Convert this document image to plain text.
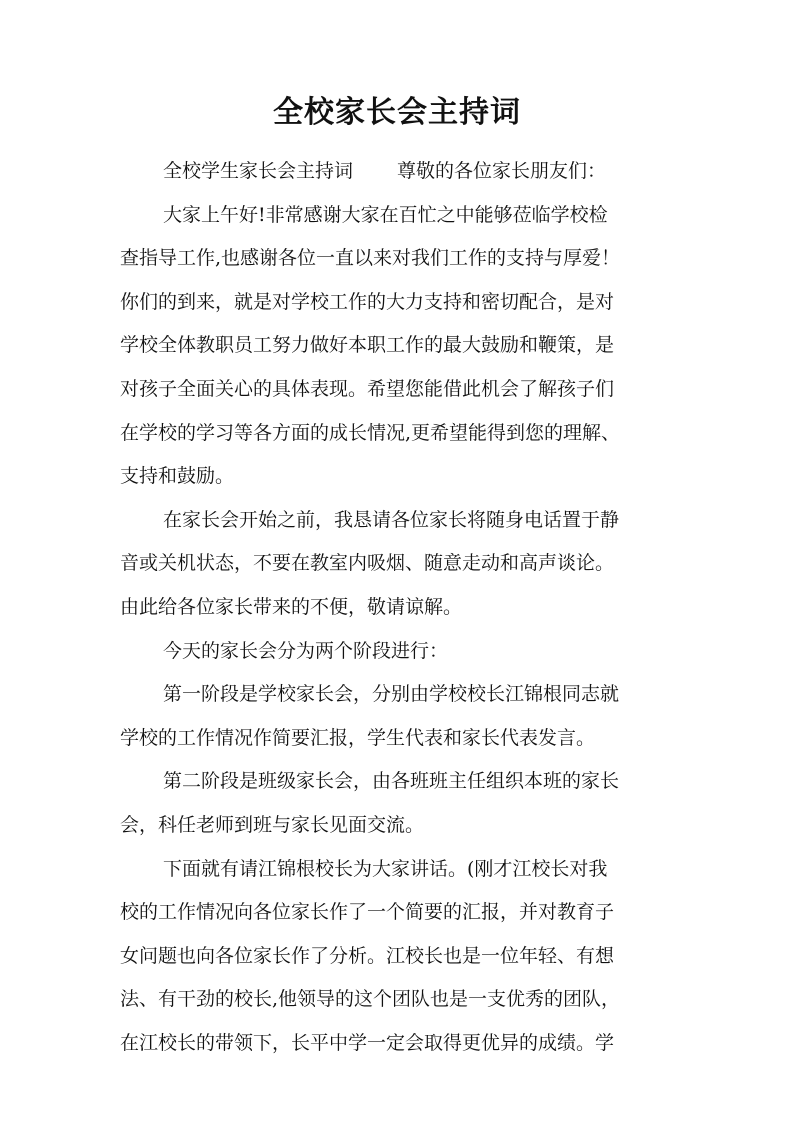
全校家长会主持词
全校学生家长会主持词 尊敬的各位家长朋友们：
大家上午好!非常感谢大家在百忙之中能够莅临学校检
查指导工作,也感谢各位一直以来对我们工作的支持与厚爱！
你们的到来，就是对学校工作的大力支持和密切配合，是对
学校全体教职员工努力做好本职工作的最大鼓励和鞭策，是
对孩子全面关心的具体表现。希望您能借此机会了解孩子们
在学校的学习等各方面的成长情况,更希望能得到您的理解、
支持和鼓励。
在家长会开始之前，我恳请各位家长将随身电话置于静
音或关机状态，不要在教室内吸烟、随意走动和高声谈论。
由此给各位家长带来的不便，敬请谅解。
今天的家长会分为两个阶段进行：
第一阶段是学校家长会，分别由学校校长江锦根同志就
学校的工作情况作简要汇报，学生代表和家长代表发言。
第二阶段是班级家长会，由各班班主任组织本班的家长
会，科任老师到班与家长见面交流。
下面就有请江锦根校长为大家讲话。(刚才江校长对我
校的工作情况向各位家长作了一个简要的汇报，并对教育子
女问题也向各位家长作了分析。江校长也是一位年轻、有想
法、有干劲的校长,他领导的这个团队也是一支优秀的团队，
在江校长的带领下，长平中学一定会取得更优异的成绩。学
